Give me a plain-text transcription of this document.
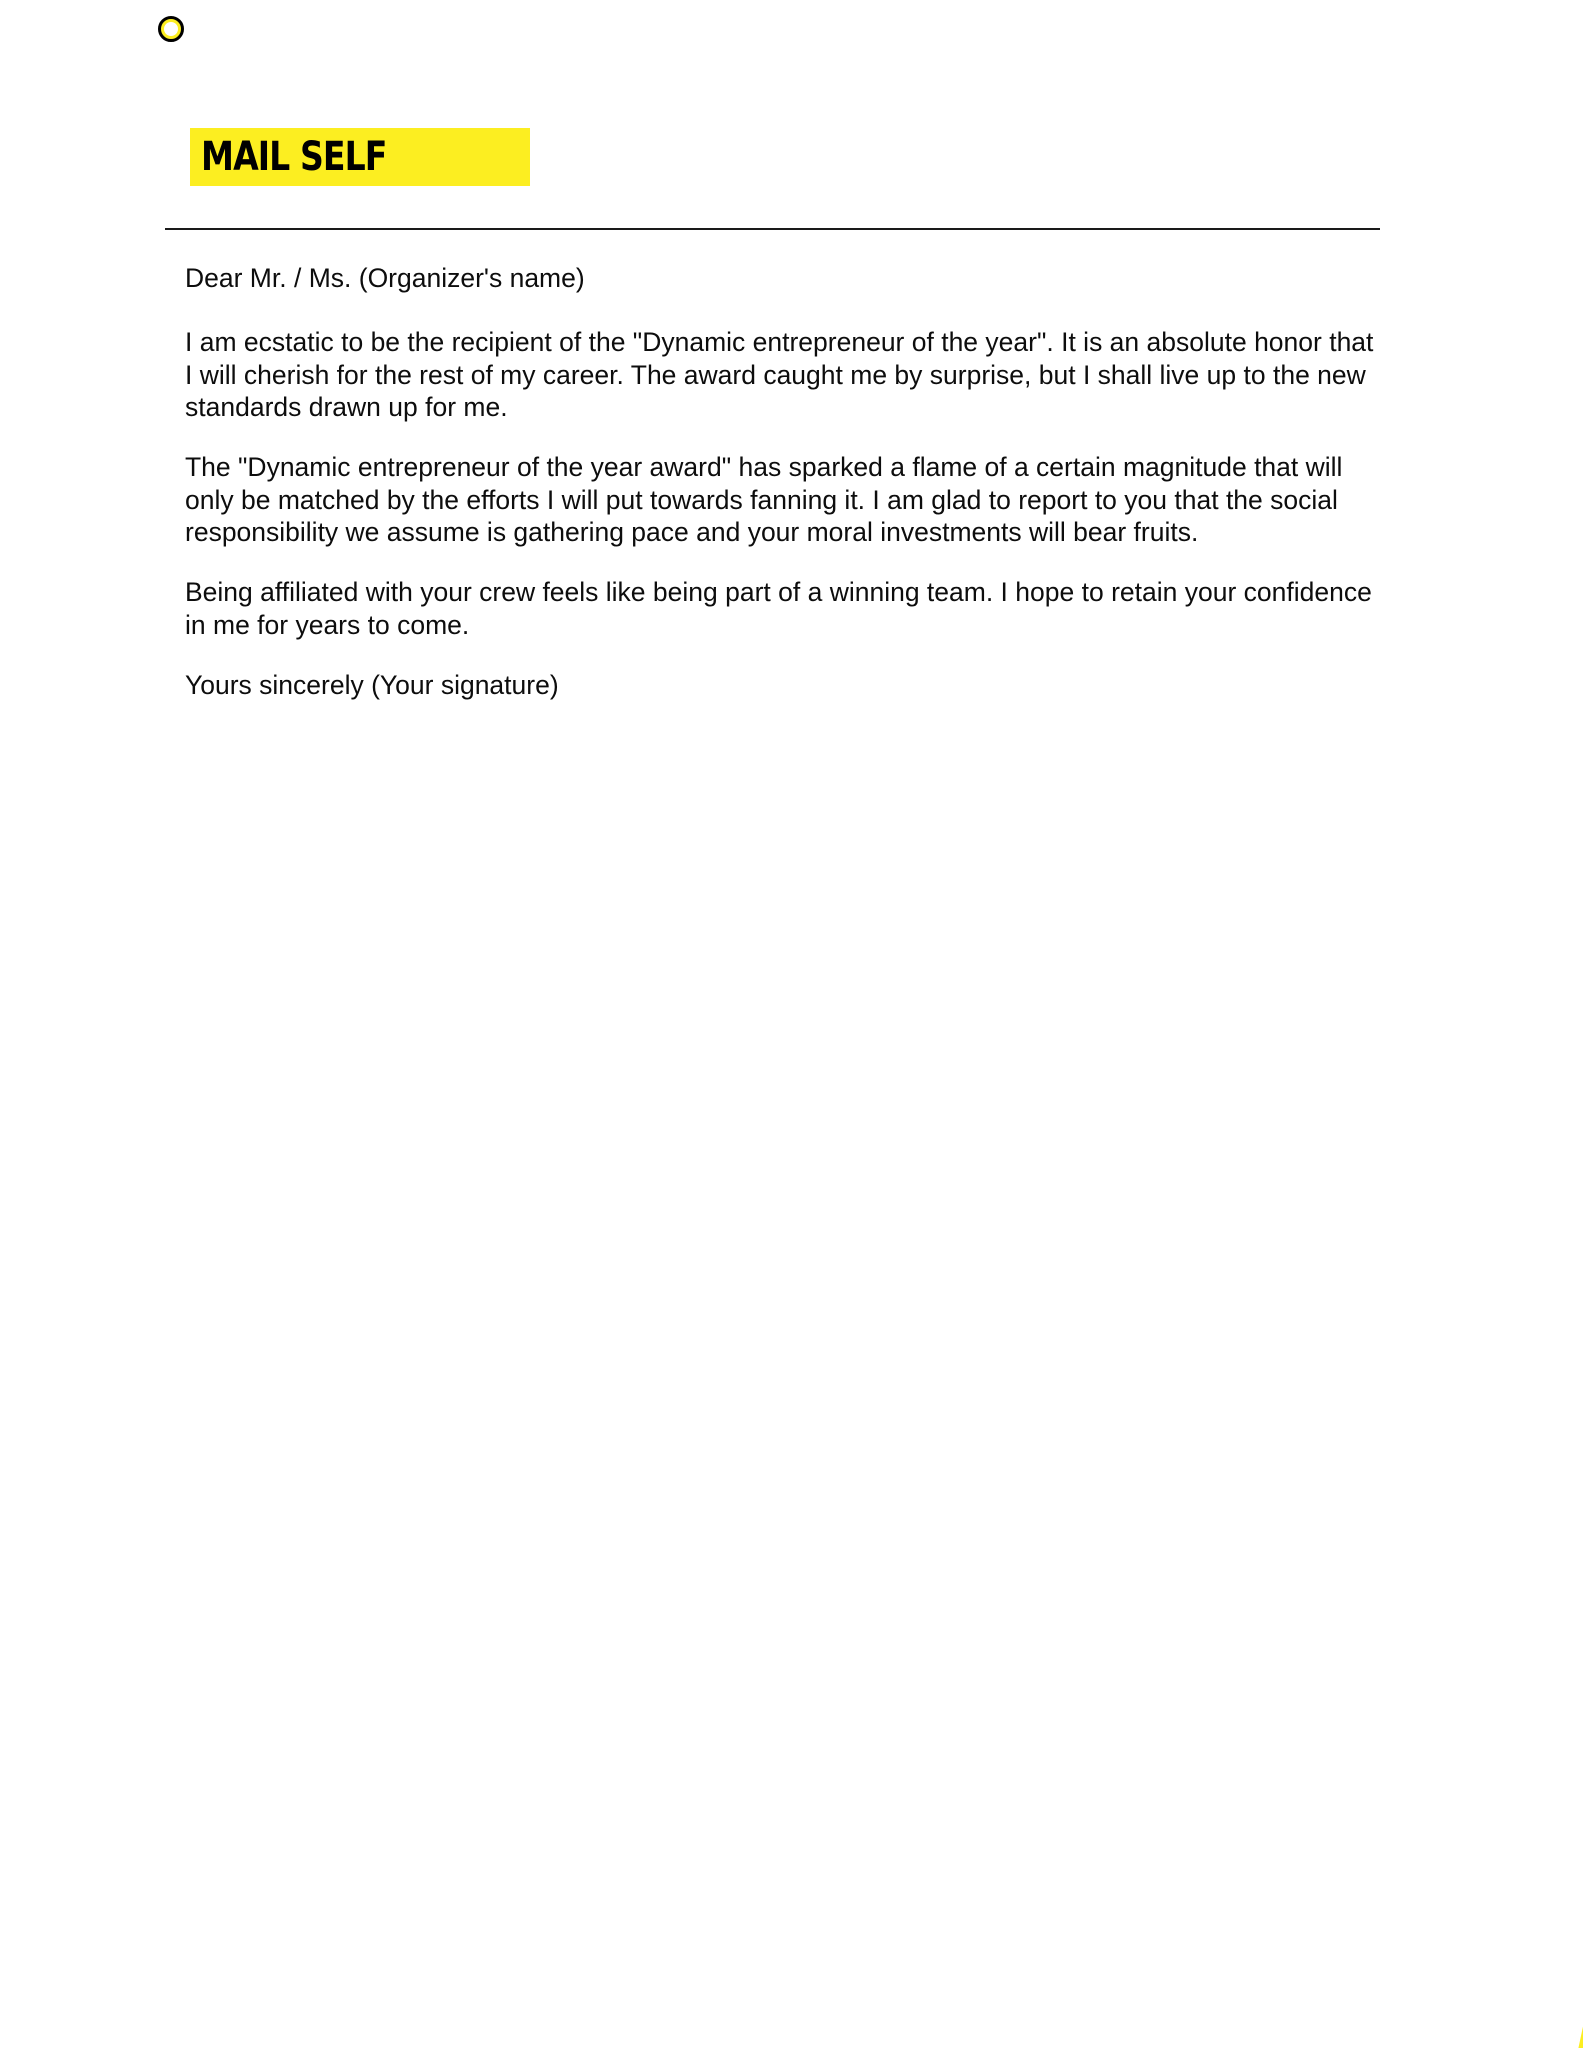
MAIL SELF

Dear Mr. / Ms. (Organizer's name)

I am ecstatic to be the recipient of the "Dynamic entrepreneur of the year". It is an absolute honor that I will cherish for the rest of my career. The award caught me by surprise, but I shall live up to the new standards drawn up for me.

The "Dynamic entrepreneur of the year award" has sparked a flame of a certain magnitude that will only be matched by the efforts I will put towards fanning it. I am glad to report to you that the social responsibility we assume is gathering pace and your moral investments will bear fruits.

Being affiliated with your crew feels like being part of a winning team. I hope to retain your confidence in me for years to come.

Yours sincerely (Your signature)
